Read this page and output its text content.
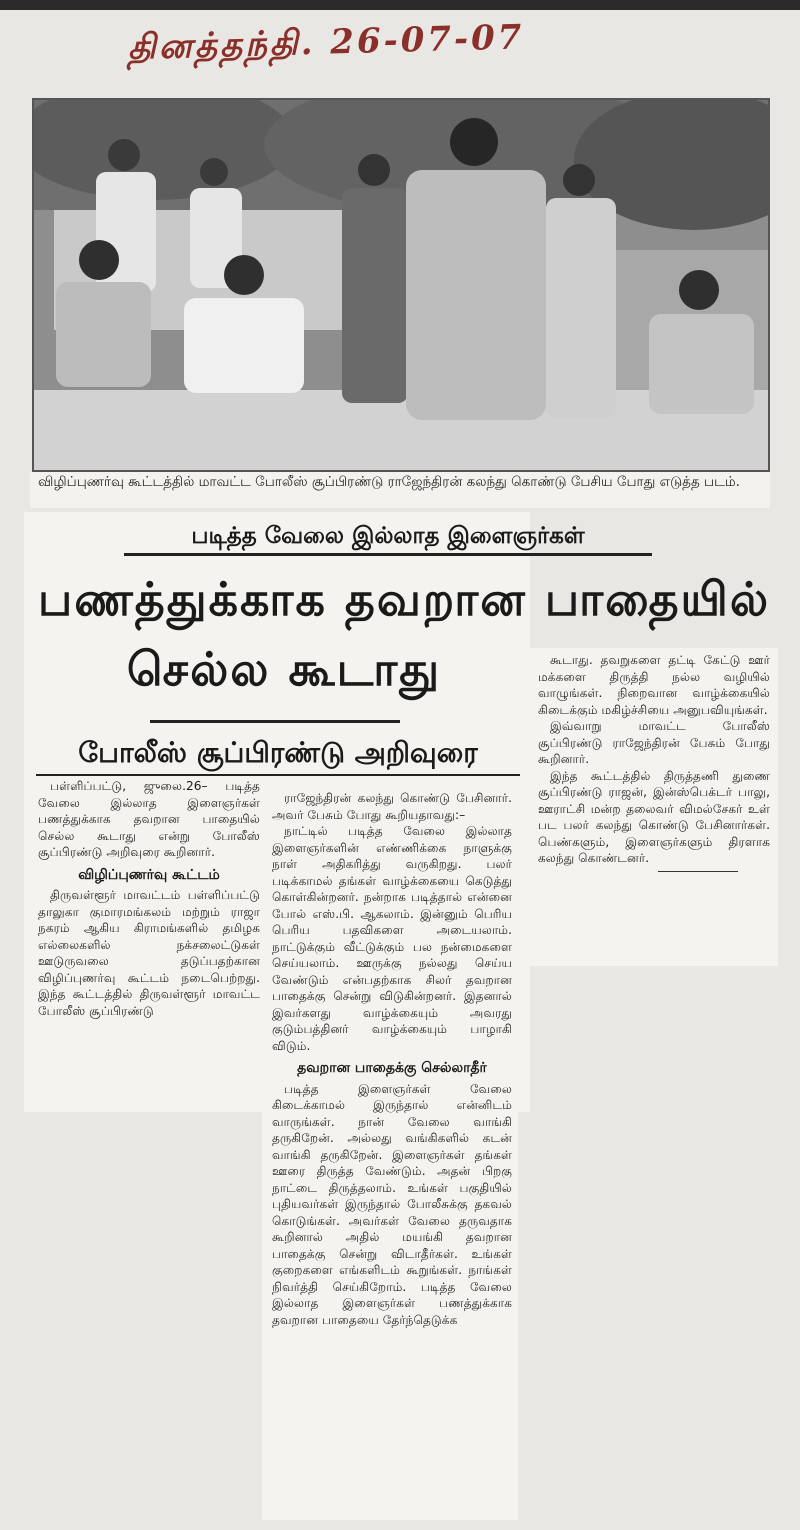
தினத்தந்தி. 26-07-07
விழிப்புணர்வு கூட்டத்தில் மாவட்ட போலீஸ் சூப்பிரண்டு ராஜேந்திரன் கலந்து கொண்டு பேசிய போது எடுத்த படம்.
படித்த வேலை இல்லாத இளைஞர்கள்
பணத்துக்காக தவறான பாதையில்
செல்ல கூடாது
போலீஸ் சூப்பிரண்டு அறிவுரை

பள்ளிப்பட்டு, ஜுலை.26– படித்த வேலை இல்லாத இளைஞர்கள் பணத்துக்காக தவறான பாதையில் செல்ல கூடாது என்று போலீஸ் சூப்பிரண்டு அறிவுரை கூறினார்.

விழிப்புணர்வு கூட்டம்

திருவள்ளூர் மாவட்டம் பள்ளிப்பட்டு தாலுகா குமாரமங்கலம் மற்றும் ராஜா நகரம் ஆகிய கிராமங்களில் தமிழக எல்லைகளில் நக்சலைட்டுகள் ஊடுருவலை தடுப்பதற்கான விழிப்புணர்வு கூட்டம் நடைபெற்றது. இந்த கூட்டத்தில் திருவள்ளூர் மாவட்ட போலீஸ் சூப்பிரண்டு

ராஜேந்திரன் கலந்து கொண்டு பேசினார். அவர் பேசும் போது கூறியதாவது:–

நாட்டில் படித்த வேலை இல்லாத இளைஞர்களின் எண்ணிக்கை நாளுக்கு நாள் அதிகரித்து வருகிறது. பலர் படிக்காமல் தங்கள் வாழ்க்கையை கெடுத்து கொள்கின்றனர். நன்றாக படித்தால் என்னை போல் எஸ்.பி. ஆகலாம். இன்னும் பெரிய பெரிய பதவிகளை அடையலாம். நாட்டுக்கும் வீட்டுக்கும் பல நன்மைகளை செய்யலாம். ஊருக்கு நல்லது செய்ய வேண்டும் என்பதற்காக சிலர் தவறான பாதைக்கு சென்று விடுகின்றனர். இதனால் இவர்களது வாழ்க்கையும் அவரது குடும்பத்தினர் வாழ்க்கையும் பாழாகி விடும்.

தவறான பாதைக்கு செல்லாதீர்

படித்த இளைஞர்கள் வேலை கிடைக்காமல் இருந்தால் என்னிடம் வாருங்கள். நான் வேலை வாங்கி தருகிறேன். அல்லது வங்கிகளில் கடன் வாங்கி தருகிறேன். இளைஞர்கள் தங்கள் ஊரை திருத்த வேண்டும். அதன் பிறகு நாட்டை திருத்தலாம். உங்கள் பகுதியில் புதியவர்கள் இருந்தால் போலீசுக்கு தகவல் கொடுங்கள். அவர்கள் வேலை தருவதாக கூறினால் அதில் மயங்கி தவறான பாதைக்கு சென்று விடாதீர்கள். உங்கள் குறைகளை எங்களிடம் கூறுங்கள். நாங்கள் நிவர்த்தி செய்கிறோம். படித்த வேலை இல்லாத இளைஞர்கள் பணத்துக்காக தவறான பாதையை தேர்ந்தெடுக்க

கூடாது. தவறுகளை தட்டி கேட்டு ஊர் மக்களை திருத்தி நல்ல வழியில் வாழுங்கள். நிறைவான வாழ்க்கையில் கிடைக்கும் மகிழ்ச்சியை அனுபவியுங்கள்.

இவ்வாறு மாவட்ட போலீஸ் சூப்பிரண்டு ராஜேந்திரன் பேசும் போது கூறினார்.

இந்த கூட்டத்தில் திருத்தணி துணை சூப்பிரண்டு ராஜன், இன்ஸ்பெக்டர் பாலு, ஊராட்சி மன்ற தலைவர் விமல்சேகர் உள் பட பலர் கலந்து கொண்டு பேசினார்கள். பெண்களும், இளைஞர்களும் திரளாக கலந்து கொண்டனர்.
